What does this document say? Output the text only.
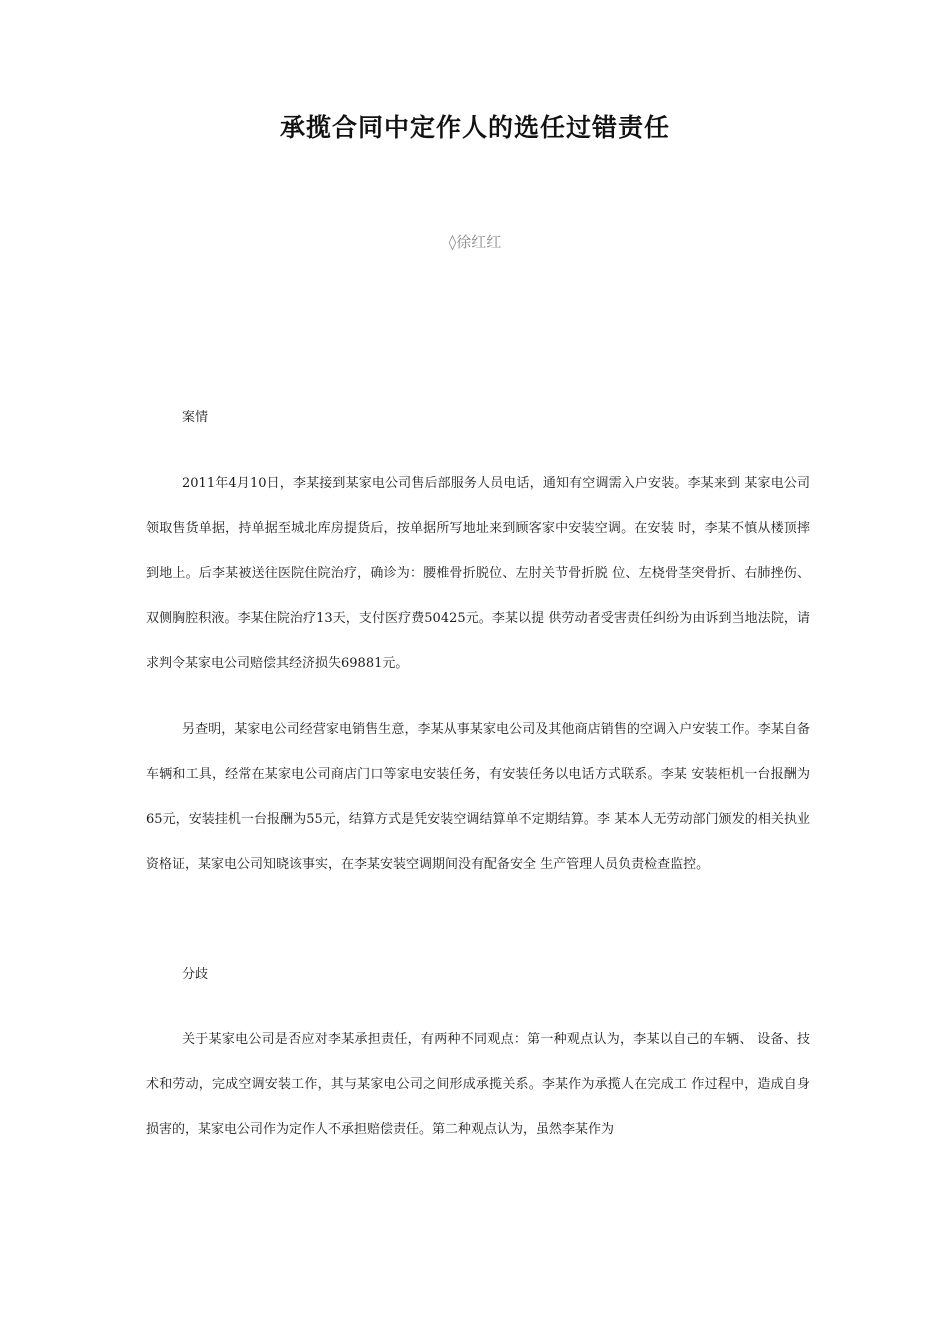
承揽合同中定作人的选任过错责任
◊徐红红
案情

2011年4月10日，李某接到某家电公司售后部服务人员电话，通知有空调需入户安装。李某来到 某家电公司领取售货单据，持单据至城北库房提货后，按单据所写地址来到顾客家中安装空调。在安装 时，李某不慎从楼顶摔到地上。后李某被送往医院住院治疗，确诊为：腰椎骨折脱位、左肘关节骨折脱 位、左桡骨茎突骨折、右肺挫伤、双侧胸腔积液。李某住院治疗13天，支付医疗费50425元。李某以提 供劳动者受害责任纠纷为由诉到当地法院，请求判令某家电公司赔偿其经济损失69881元。

另查明，某家电公司经营家电销售生意，李某从事某家电公司及其他商店销售的空调入户安装工作。李某自备车辆和工具，经常在某家电公司商店门口等家电安装任务，有安装任务以电话方式联系。李某 安装柜机一台报酬为65元，安装挂机一台报酬为55元，结算方式是凭安装空调结算单不定期结算。李 某本人无劳动部门颁发的相关执业资格证，某家电公司知晓该事实，在李某安装空调期间没有配备安全 生产管理人员负责检查监控。

分歧

关于某家电公司是否应对李某承担责任，有两种不同观点：第一种观点认为，李某以自己的车辆、 设备、技术和劳动，完成空调安装工作，其与某家电公司之间形成承揽关系。李某作为承揽人在完成工 作过程中，造成自身损害的，某家电公司作为定作人不承担赔偿责任。第二种观点认为，虽然李某作为
